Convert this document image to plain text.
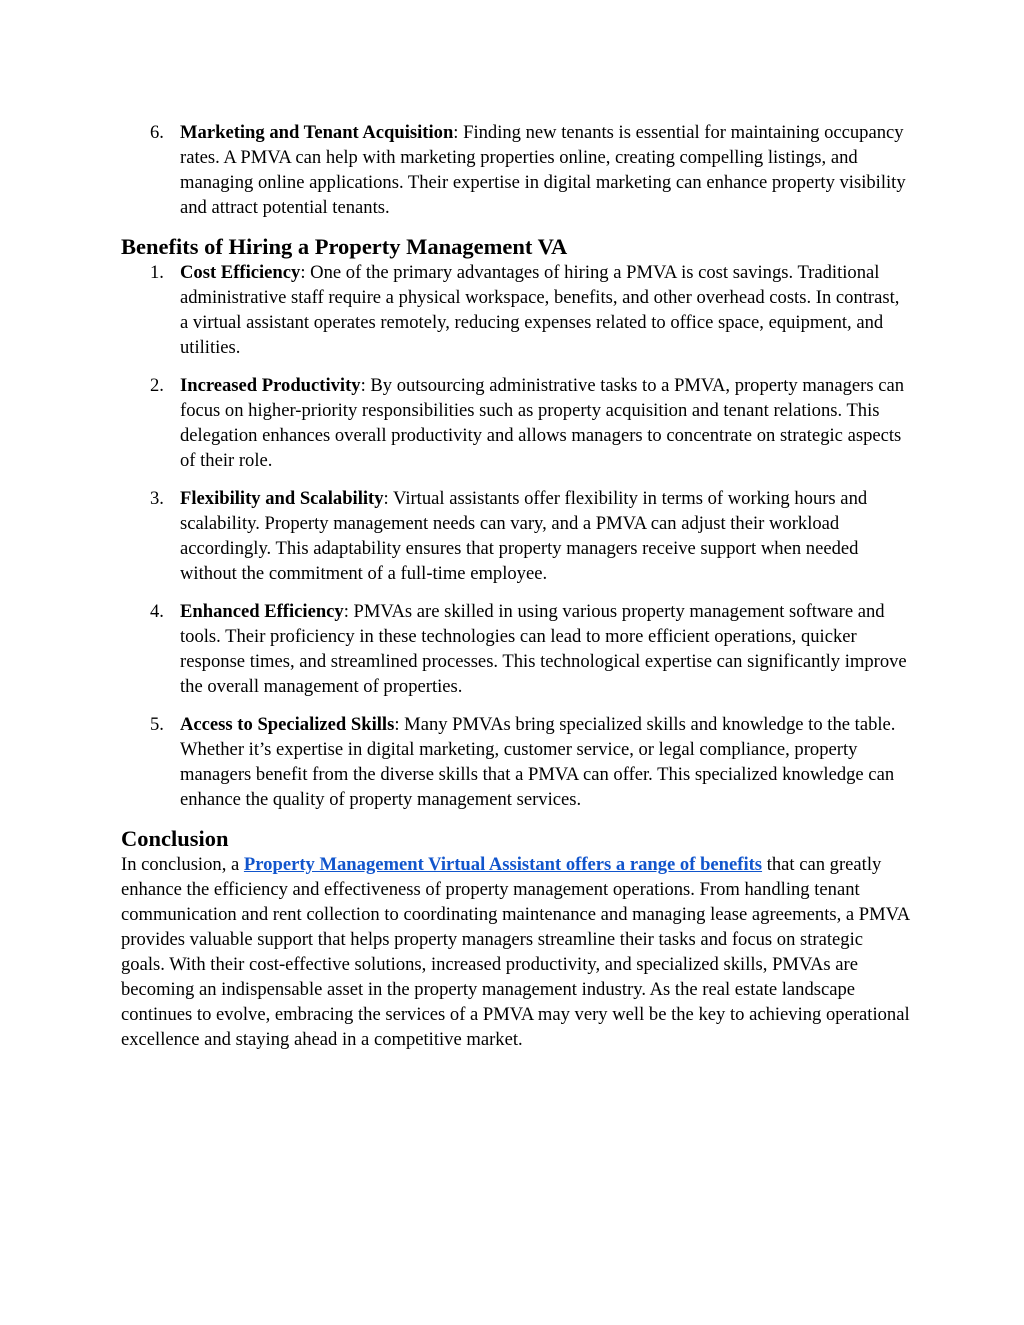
6. Marketing and Tenant Acquisition: Finding new tenants is essential for maintaining occupancy rates. A PMVA can help with marketing properties online, creating compelling listings, and managing online applications. Their expertise in digital marketing can enhance property visibility and attract potential tenants.
Benefits of Hiring a Property Management VA
1. Cost Efficiency: One of the primary advantages of hiring a PMVA is cost savings. Traditional administrative staff require a physical workspace, benefits, and other overhead costs. In contrast, a virtual assistant operates remotely, reducing expenses related to office space, equipment, and utilities.
2. Increased Productivity: By outsourcing administrative tasks to a PMVA, property managers can focus on higher-priority responsibilities such as property acquisition and tenant relations. This delegation enhances overall productivity and allows managers to concentrate on strategic aspects of their role.
3. Flexibility and Scalability: Virtual assistants offer flexibility in terms of working hours and scalability. Property management needs can vary, and a PMVA can adjust their workload accordingly. This adaptability ensures that property managers receive support when needed without the commitment of a full-time employee.
4. Enhanced Efficiency: PMVAs are skilled in using various property management software and tools. Their proficiency in these technologies can lead to more efficient operations, quicker response times, and streamlined processes. This technological expertise can significantly improve the overall management of properties.
5. Access to Specialized Skills: Many PMVAs bring specialized skills and knowledge to the table. Whether it’s expertise in digital marketing, customer service, or legal compliance, property managers benefit from the diverse skills that a PMVA can offer. This specialized knowledge can enhance the quality of property management services.
Conclusion

In conclusion, a Property Management Virtual Assistant offers a range of benefits that can greatly enhance the efficiency and effectiveness of property management operations. From handling tenant communication and rent collection to coordinating maintenance and managing lease agreements, a PMVA provides valuable support that helps property managers streamline their tasks and focus on strategic goals. With their cost-effective solutions, increased productivity, and specialized skills, PMVAs are becoming an indispensable asset in the property management industry. As the real estate landscape continues to evolve, embracing the services of a PMVA may very well be the key to achieving operational excellence and staying ahead in a competitive market.
